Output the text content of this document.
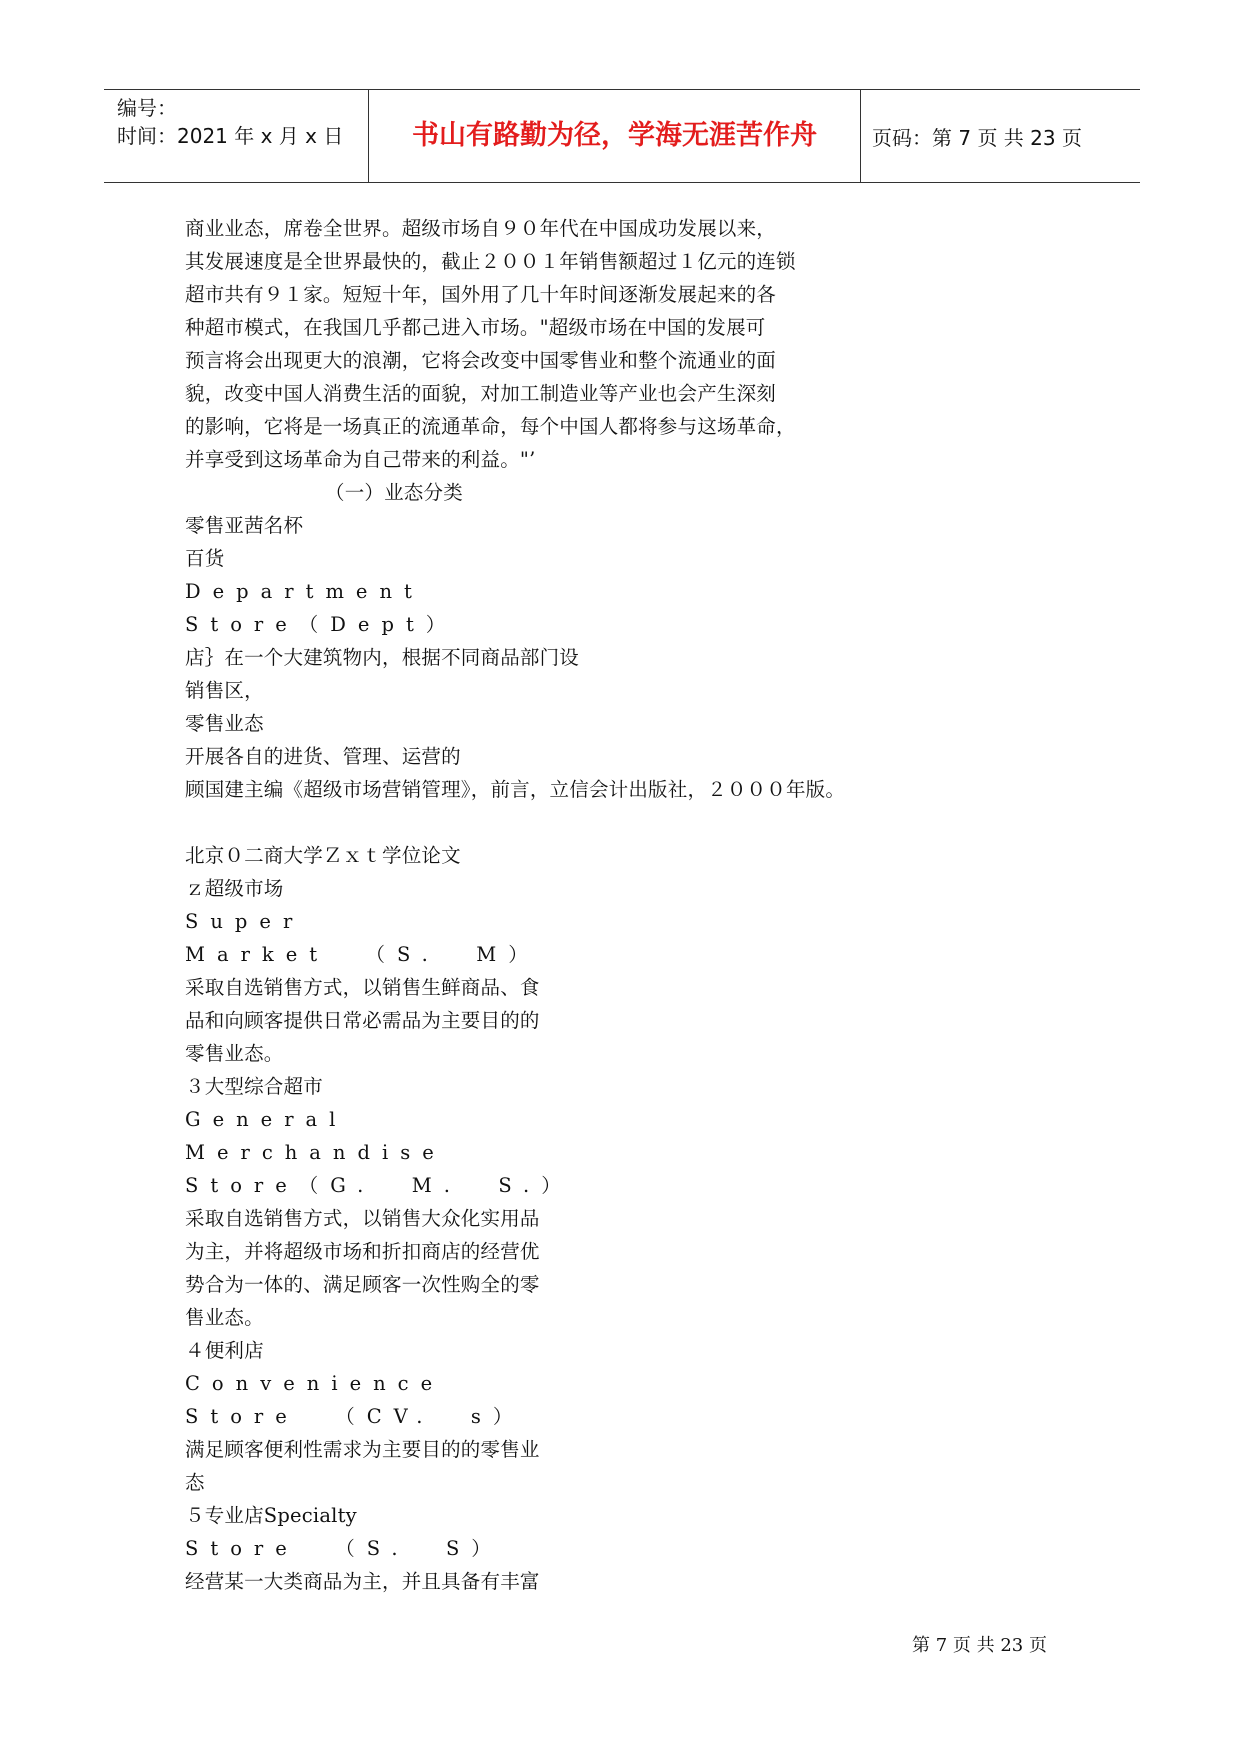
编号：
时间：2021 年 x 月 x 日	书山有路勤为径，学海无涯苦作舟	页码：第 7 页 共 23 页
商业业态，席卷全世界。超级市场自９０年代在中国成功发展以来，
其发展速度是全世界最快的，截止２００１年销售额超过１亿元的连锁
超市共有９１家。短短十年，国外用了几十年时间逐渐发展起来的各
种超市模式，在我国几乎都己进入市场。"超级市场在中国的发展可
预言将会出现更大的浪潮，它将会改变中国零售业和整个流通业的面
貌，改变中国人消费生活的面貌，对加工制造业等产业也会产生深刻
的影响，它将是一场真正的流通革命，每个中国人都将参与这场革命，
并享受到这场革命为自己带来的利益。"’
（一）业态分类
零售亚茜名杯
百货
Department
Store（Dept）
店｝在一个大建筑物内，根据不同商品部门设
销售区，
零售业态
开展各自的进货、管理、运营的
顾国建主编《超级市场营销管理》，前言，立信会计出版社，２０００年版。
北京０二商大学Ｚｘｔ学位论文
ｚ超级市场
Super
Market  （S.  M）
采取自选销售方式，以销售生鲜商品、食
品和向顾客提供日常必需品为主要目的的
零售业态。
３大型综合超市
General
Merchandise
Store（G.  M.  S.）
采取自选销售方式，以销售大众化实用品
为主，并将超级市场和折扣商店的经营优
势合为一体的、满足顾客一次性购全的零
售业态。
４便利店
Convenience
Store  （CV.  s）
满足顾客便利性需求为主要目的的零售业
态
５专业店Specialty
Store  （S.  S）
经营某一大类商品为主，并且具备有丰富
第 7 页 共 23 页
